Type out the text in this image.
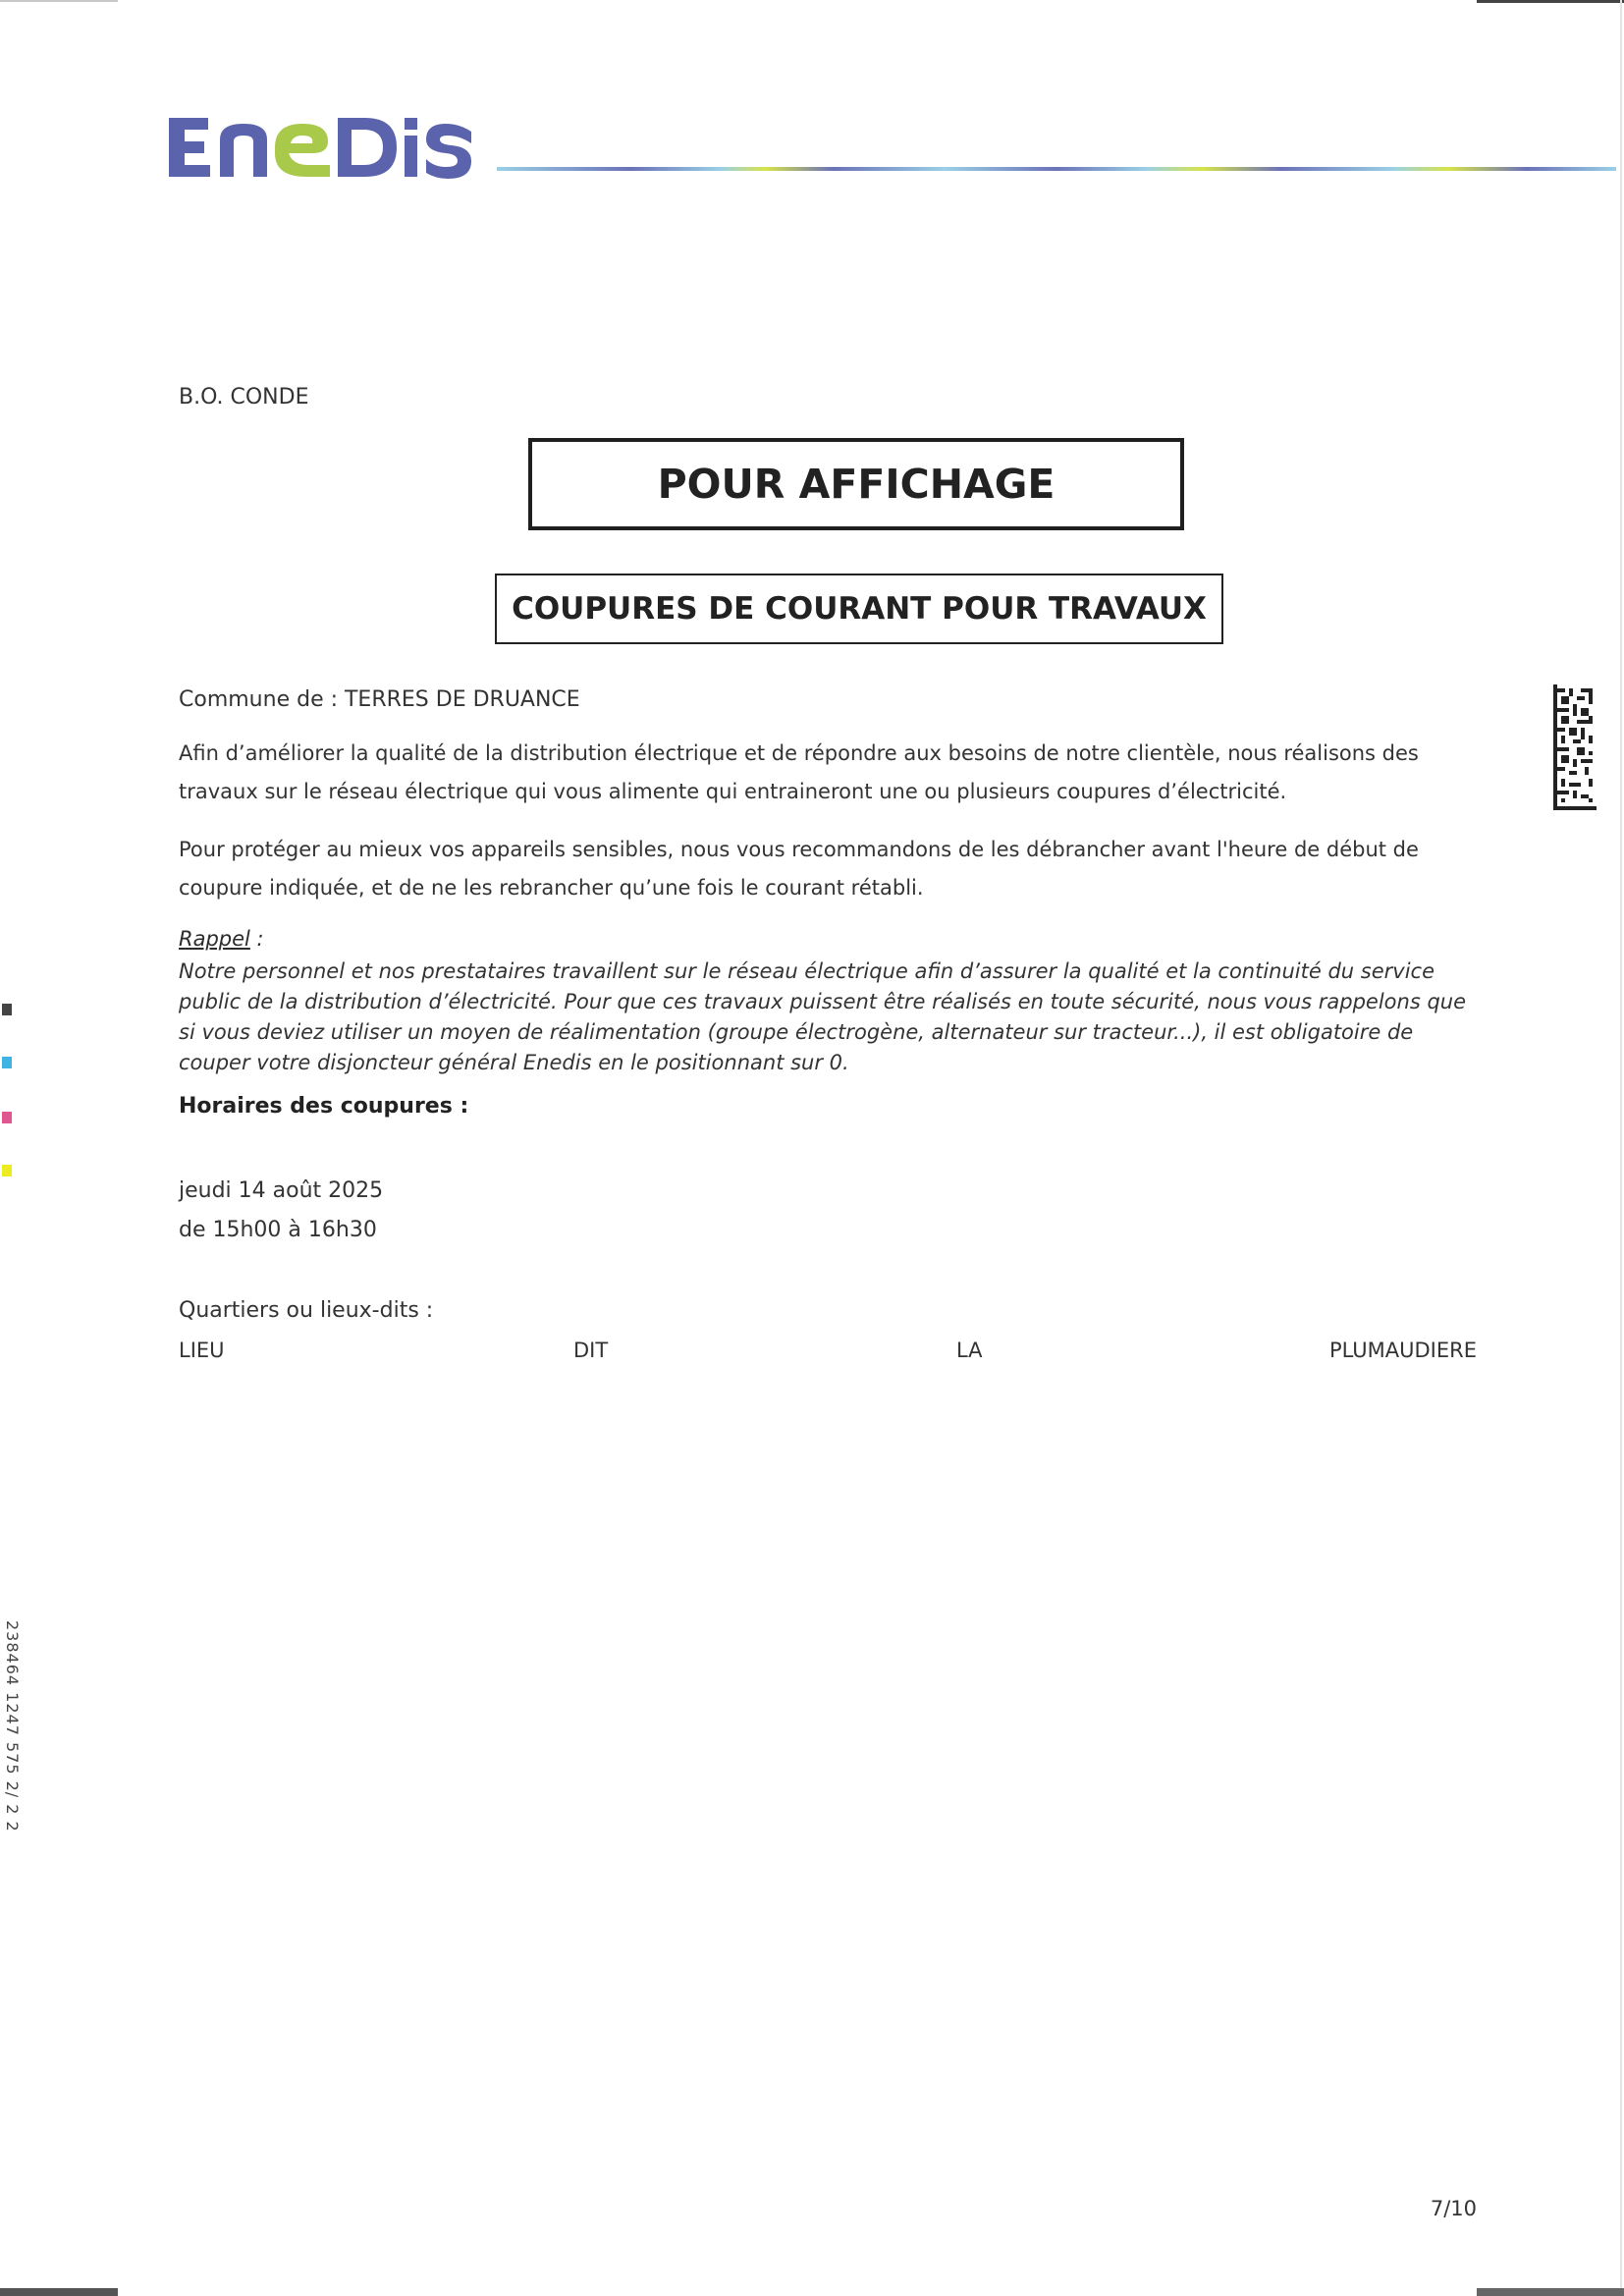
B.O. CONDE
POUR AFFICHAGE
COUPURES DE COURANT POUR TRAVAUX
Commune de : TERRES DE DRUANCE
Afin d’améliorer la qualité de la distribution électrique et de répondre aux besoins de notre clientèle, nous réalisons des travaux sur le réseau électrique qui vous alimente qui entraineront une ou plusieurs coupures d’électricité.
Pour protéger au mieux vos appareils sensibles, nous vous recommandons de les débrancher avant l'heure de début de coupure indiquée, et de ne les rebrancher qu’une fois le courant rétabli.
Rappel :
Notre personnel et nos prestataires travaillent sur le réseau électrique afin d’assurer la qualité et la continuité du service public de la distribution d’électricité. Pour que ces travaux puissent être réalisés en toute sécurité, nous vous rappelons que si vous deviez utiliser un moyen de réalimentation (groupe électrogène, alternateur sur tracteur...), il est obligatoire de couper votre disjoncteur général Enedis en le positionnant sur 0.
Horaires des coupures :
jeudi 14 août 2025
de 15h00 à 16h30
Quartiers ou lieux-dits :
LIEU	DIT	LA	PLUMAUDIERE
7/10
238464 1247 575 2/ 2 2
